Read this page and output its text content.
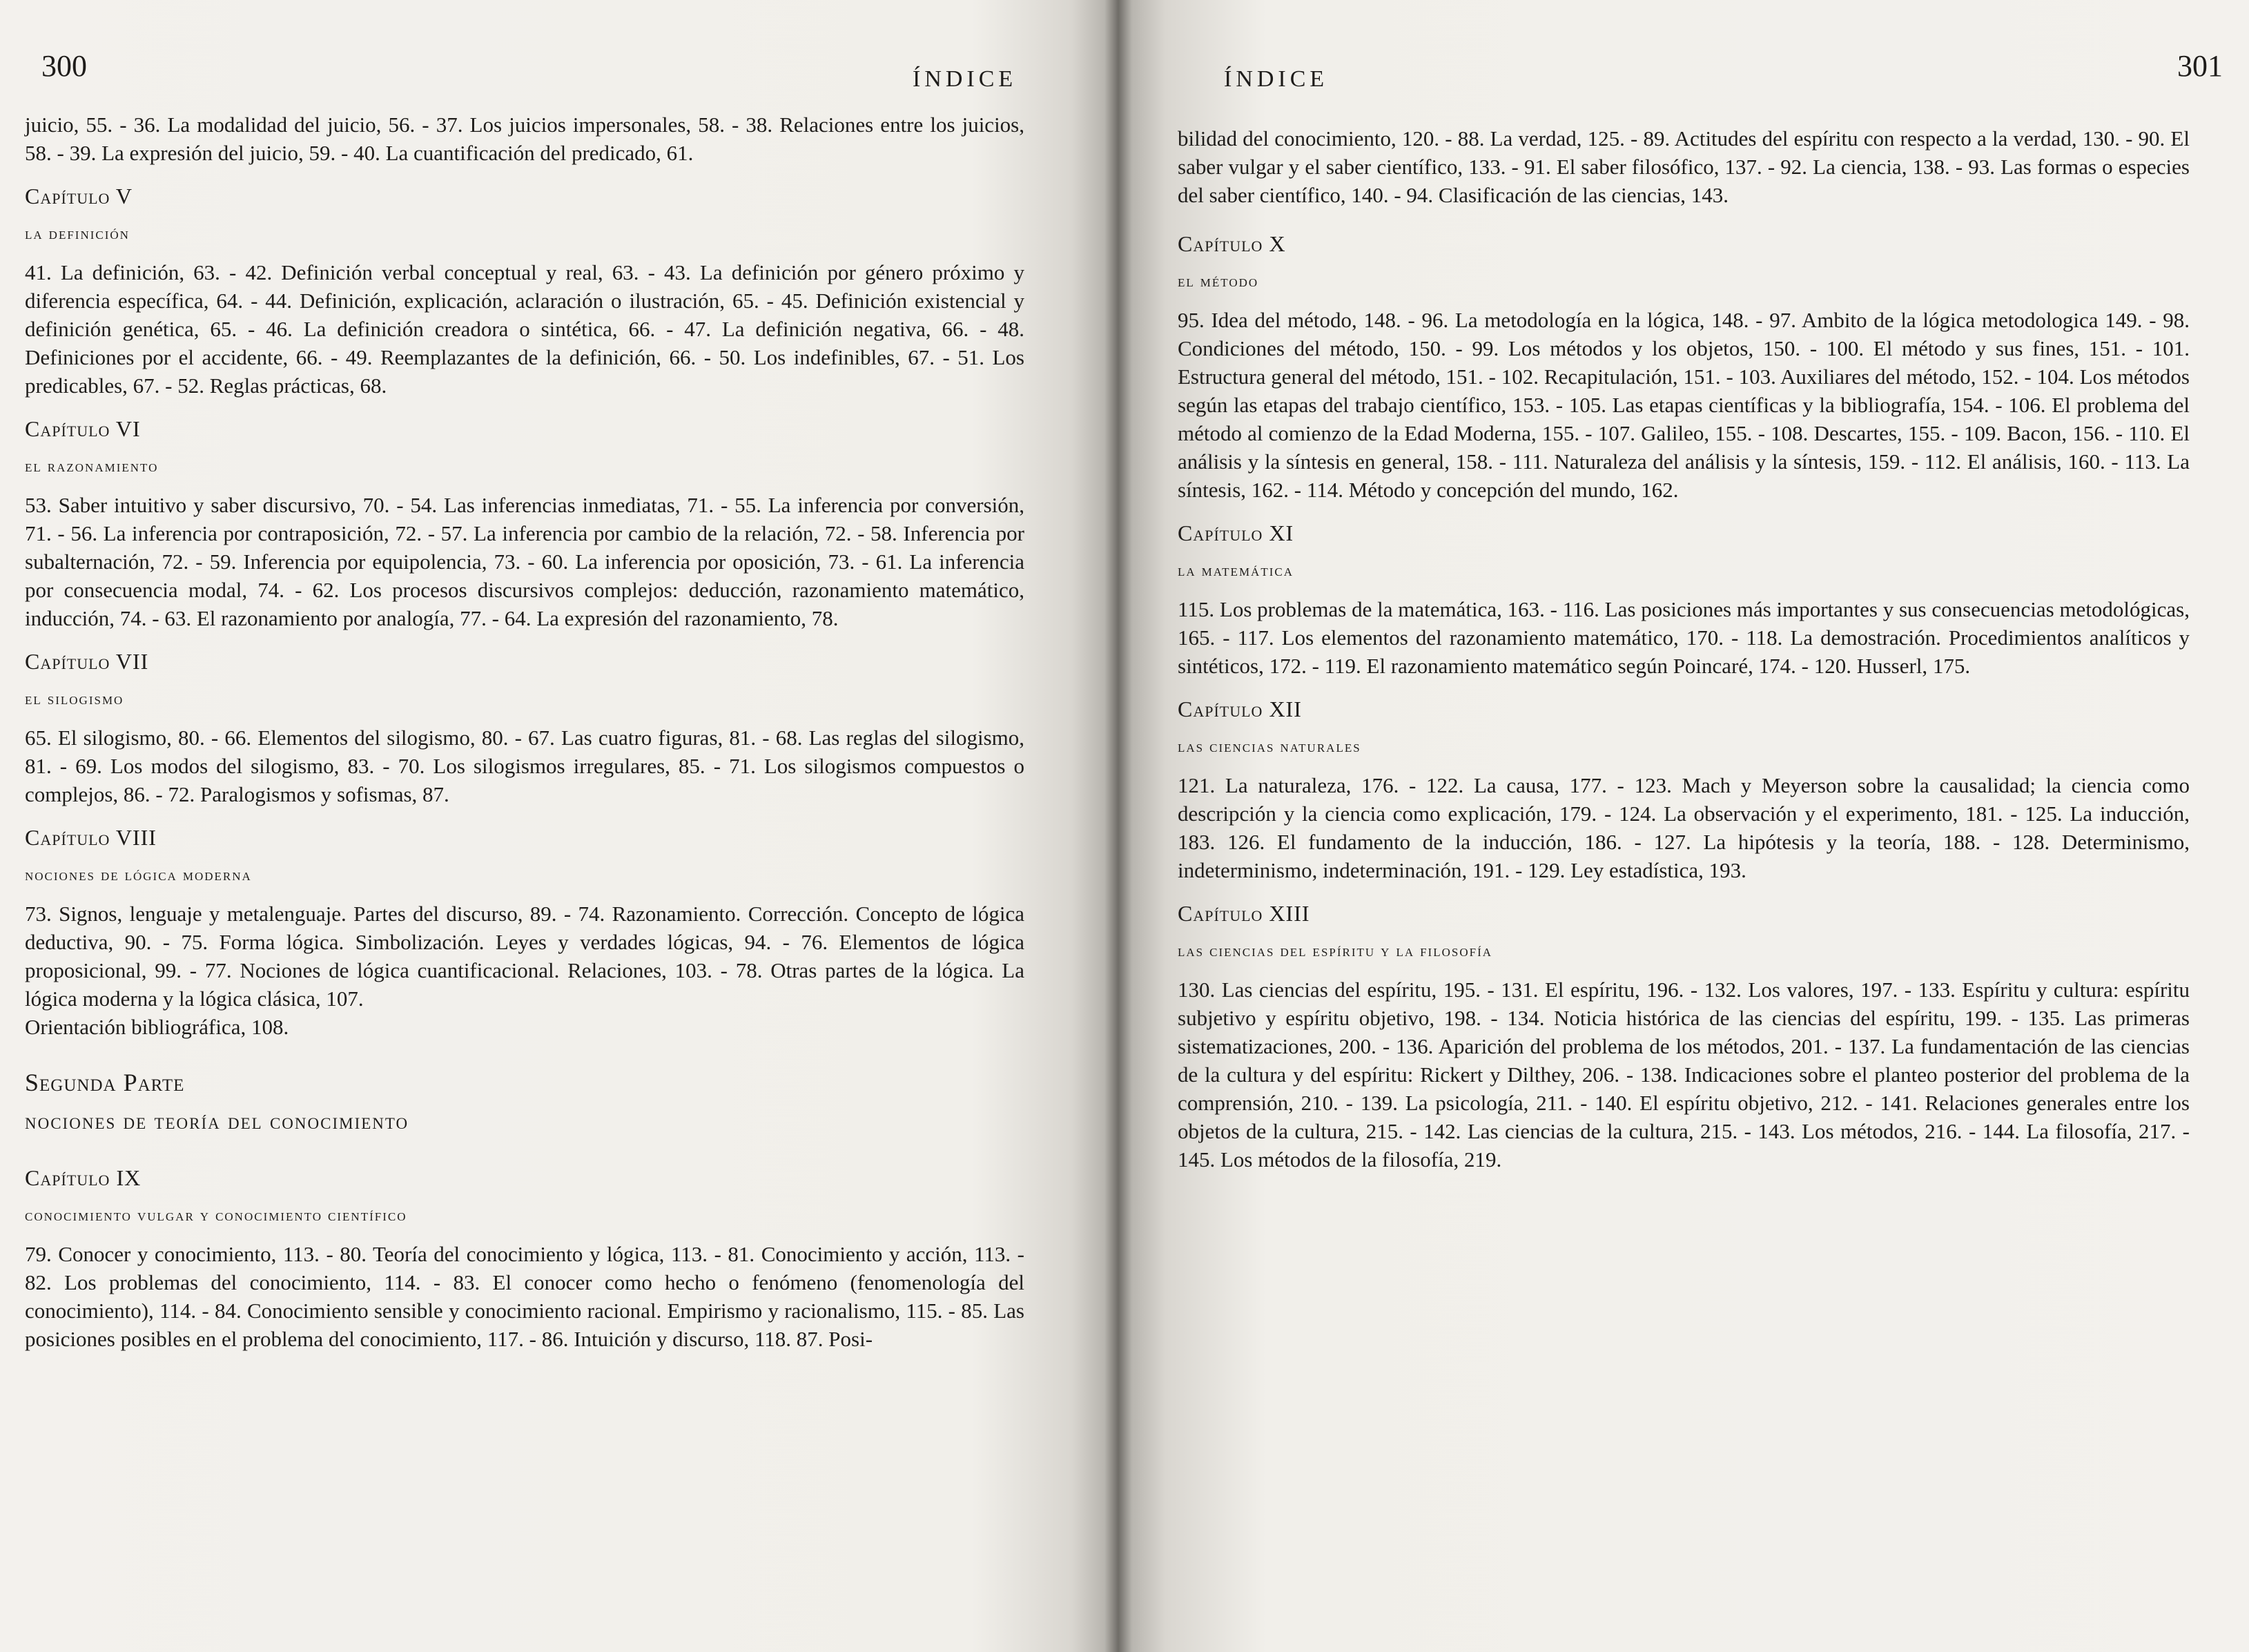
300	ÍNDICE

juicio, 55. - 36. La modalidad del juicio, 56. - 37. Los juicios impersonales, 58. - 38. Relaciones entre los juicios, 58. - 39. La expresión del juicio, 59. - 40. La cuantificación del predicado, 61.

Capítulo V
la definición

41. La definición, 63. - 42. Definición verbal conceptual y real, 63. - 43. La definición por género próximo y diferencia específica, 64. - 44. Definición, explicación, aclaración o ilustración, 65. - 45. Definición existencial y definición genética, 65. - 46. La definición creadora o sintética, 66. - 47. La definición negativa, 66. - 48. Definiciones por el accidente, 66. - 49. Reemplazantes de la definición, 66. - 50. Los indefinibles, 67. - 51. Los predicables, 67. - 52. Reglas prácticas, 68.

Capítulo VI
el razonamiento

53. Saber intuitivo y saber discursivo, 70. - 54. Las inferencias inmediatas, 71. - 55. La inferencia por conversión, 71. - 56. La inferencia por contraposición, 72. - 57. La inferencia por cambio de la relación, 72. - 58. Inferencia por subalternación, 72. - 59. Inferencia por equipolencia, 73. - 60. La inferencia por oposición, 73. - 61. La inferencia por consecuencia modal, 74. - 62. Los procesos discursivos complejos: deducción, razonamiento matemático, inducción, 74. - 63. El razonamiento por analogía, 77. - 64. La expresión del razonamiento, 78.

Capítulo VII
el silogismo

65. El silogismo, 80. - 66. Elementos del silogismo, 80. - 67. Las cuatro figuras, 81. - 68. Las reglas del silogismo, 81. - 69. Los modos del silogismo, 83. - 70. Los silogismos irregulares, 85. - 71. Los silogismos compuestos o complejos, 86. - 72. Paralogismos y sofismas, 87.

Capítulo VIII
nociones de lógica moderna

73. Signos, lenguaje y metalenguaje. Partes del discurso, 89. - 74. Razonamiento. Corrección. Concepto de lógica deductiva, 90. - 75. Forma lógica. Simbolización. Leyes y verdades lógicas, 94. - 76. Elementos de lógica proposicional, 99. - 77. Nociones de lógica cuantificacional. Relaciones, 103. - 78. Otras partes de la lógica. La lógica moderna y la lógica clásica, 107.

Orientación bibliográfica, 108.

Segunda Parte
nociones de teoría del conocimiento
Capítulo IX
conocimiento vulgar y conocimiento científico

79. Conocer y conocimiento, 113. - 80. Teoría del conocimiento y lógica, 113. - 81. Conocimiento y acción, 113. - 82. Los problemas del conocimiento, 114. - 83. El conocer como hecho o fenómeno (fenomenología del conocimiento), 114. - 84. Conocimiento sensible y conocimiento racional. Empirismo y racionalismo, 115. - 85. Las posiciones posibles en el problema del conocimiento, 117. - 86. Intuición y discurso, 118. 87. Posi-

ÍNDICE	301

bilidad del conocimiento, 120. - 88. La verdad, 125. - 89. Actitudes del espíritu con respecto a la verdad, 130. - 90. El saber vulgar y el saber científico, 133. - 91. El saber filosófico, 137. - 92. La ciencia, 138. - 93. Las formas o especies del saber científico, 140. - 94. Clasificación de las ciencias, 143.

Capítulo X
el método

95. Idea del método, 148. - 96. La metodología en la lógica, 148. - 97. Ambito de la lógica metodologica 149. - 98. Condiciones del método, 150. - 99. Los métodos y los objetos, 150. - 100. El método y sus fines, 151. - 101. Estructura general del método, 151. - 102. Recapitulación, 151. - 103. Auxiliares del método, 152. - 104. Los métodos según las etapas del trabajo científico, 153. - 105. Las etapas científicas y la bibliografía, 154. - 106. El problema del método al comienzo de la Edad Moderna, 155. - 107. Galileo, 155. - 108. Descartes, 155. - 109. Bacon, 156. - 110. El análisis y la síntesis en general, 158. - 111. Naturaleza del análisis y la síntesis, 159. - 112. El análisis, 160. - 113. La síntesis, 162. - 114. Método y concepción del mundo, 162.

Capítulo XI
la matemática

115. Los problemas de la matemática, 163. - 116. Las posiciones más importantes y sus consecuencias metodológicas, 165. - 117. Los elementos del razonamiento matemático, 170. - 118. La demostración. Procedimientos analíticos y sintéticos, 172. - 119. El razonamiento matemático según Poincaré, 174. - 120. Husserl, 175.

Capítulo XII
las ciencias naturales

121. La naturaleza, 176. - 122. La causa, 177. - 123. Mach y Meyerson sobre la causalidad; la ciencia como descripción y la ciencia como explicación, 179. - 124. La observación y el experimento, 181. - 125. La inducción, 183. 126. El fundamento de la inducción, 186. - 127. La hipótesis y la teoría, 188. - 128. Determinismo, indeterminismo, indeterminación, 191. - 129. Ley estadística, 193.

Capítulo XIII
las ciencias del espíritu y la filosofía

130. Las ciencias del espíritu, 195. - 131. El espíritu, 196. - 132. Los valores, 197. - 133. Espíritu y cultura: espíritu subjetivo y espíritu objetivo, 198. - 134. Noticia histórica de las ciencias del espíritu, 199. - 135. Las primeras sistematizaciones, 200. - 136. Aparición del problema de los métodos, 201. - 137. La fundamentación de las ciencias de la cultura y del espíritu: Rickert y Dilthey, 206. - 138. Indicaciones sobre el planteo posterior del problema de la comprensión, 210. - 139. La psicología, 211. - 140. El espíritu objetivo, 212. - 141. Relaciones generales entre los objetos de la cultura, 215. - 142. Las ciencias de la cultura, 215. - 143. Los métodos, 216. - 144. La filosofía, 217. - 145. Los métodos de la filosofía, 219.
